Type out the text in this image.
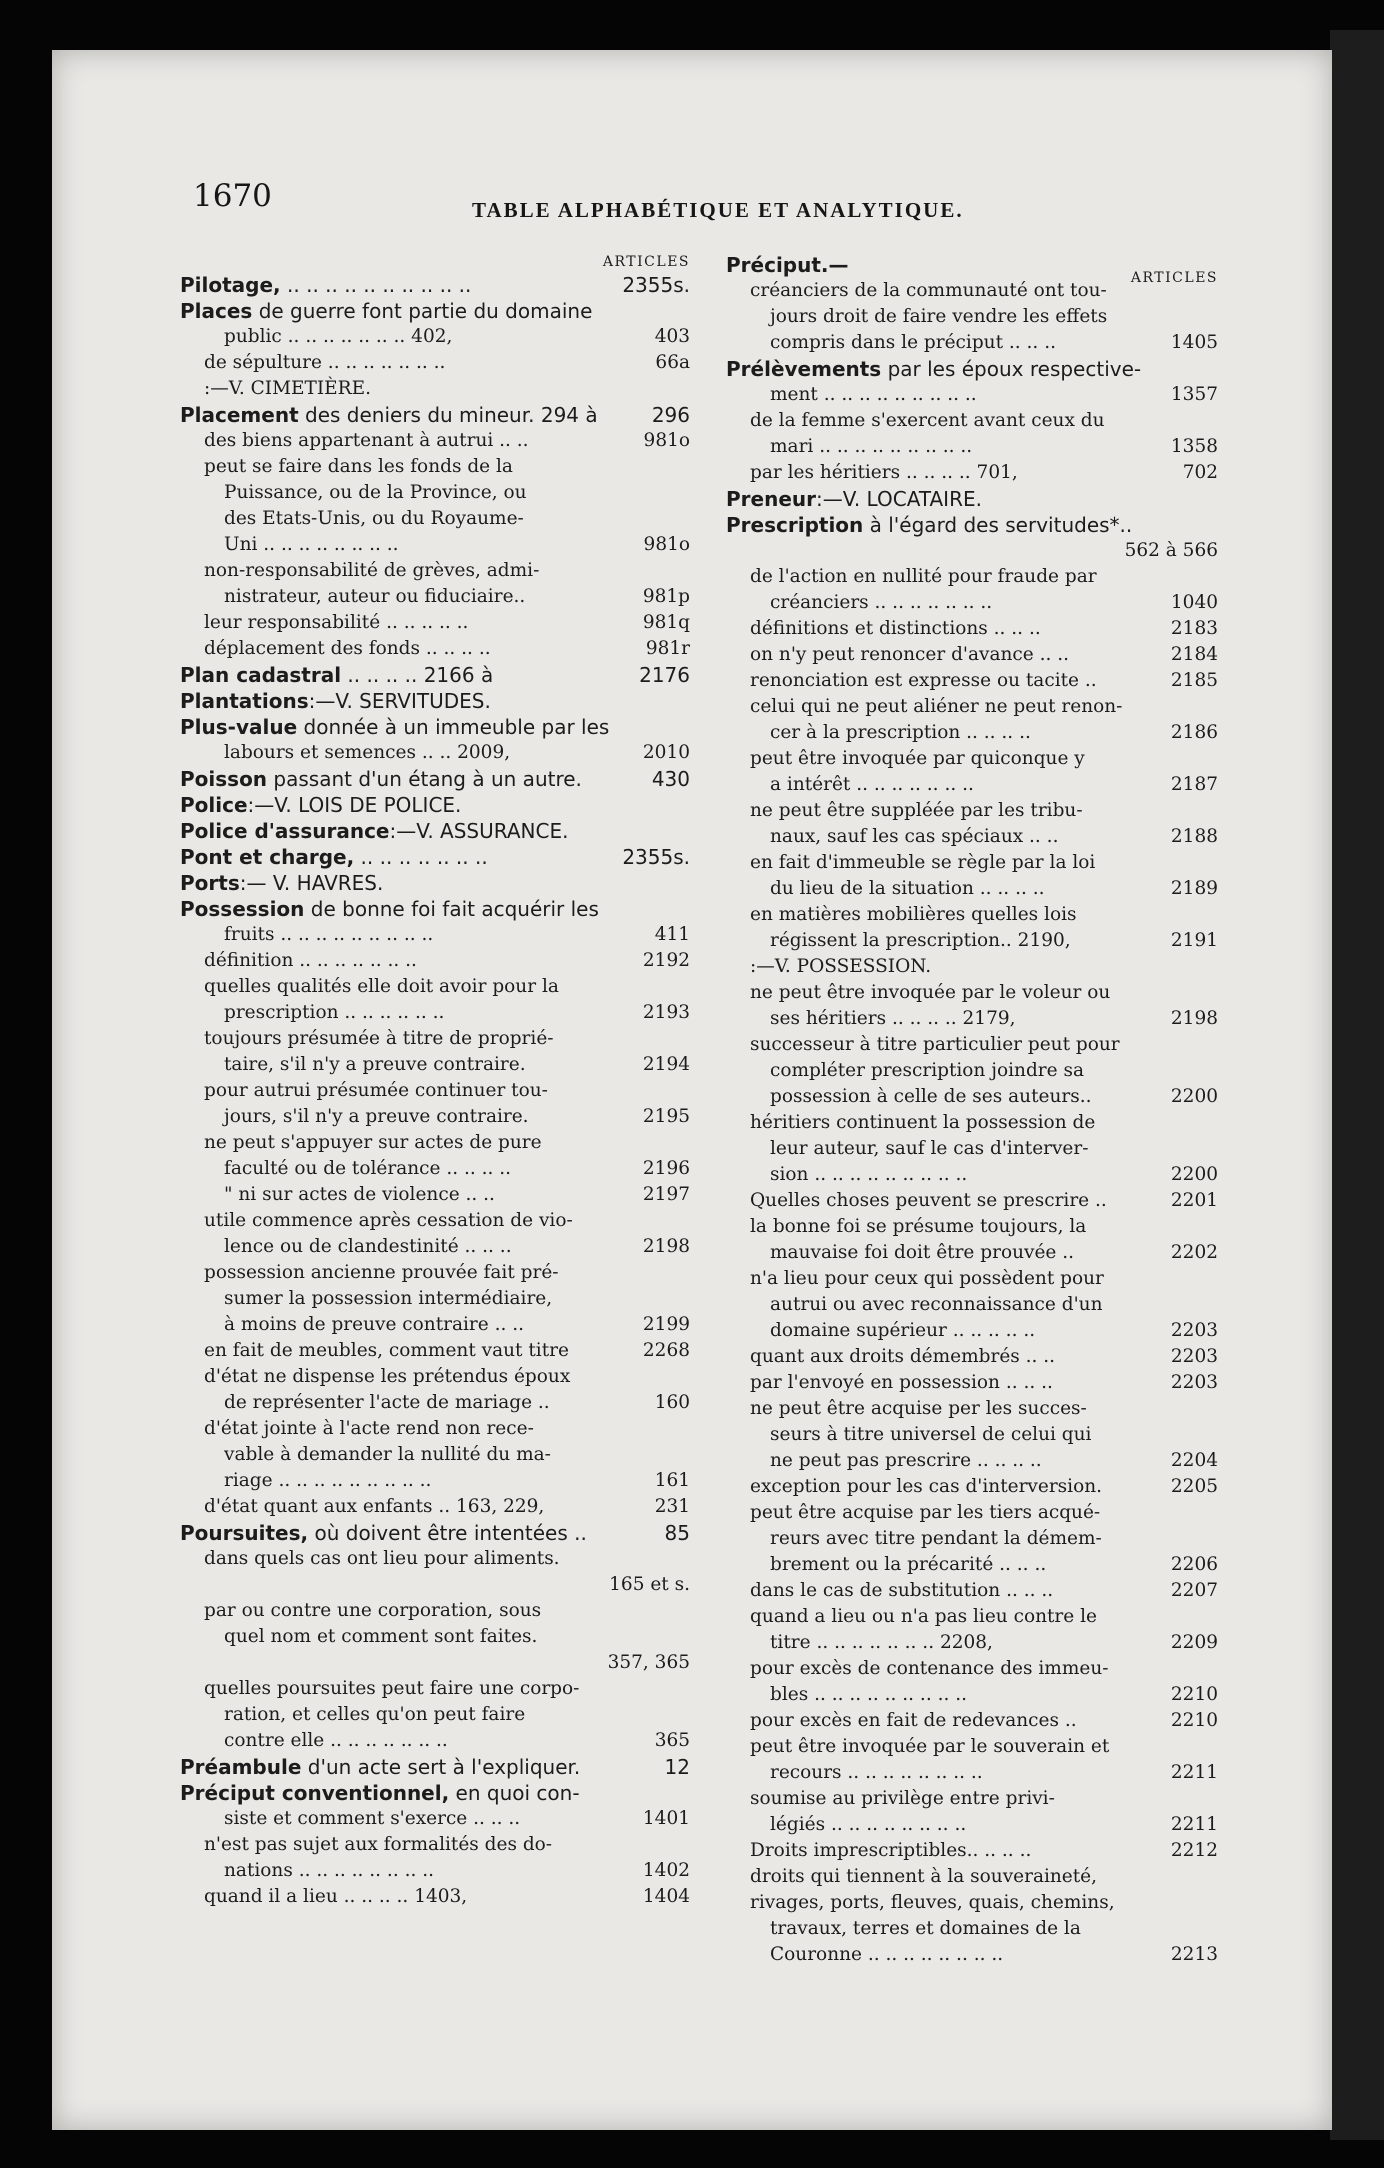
1670	TABLE ALPHABÉTIQUE ET ANALYTIQUE.
ARTICLES
Pilotage, .. .. .. .. .. .. .. .. .. ..	2355s.
Places de guerre font partie du domaine
public .. .. .. .. .. .. .. 402,	403
de sépulture .. .. .. .. .. .. ..	66a
:—V. CIMETIÈRE.
Placement des deniers du mineur. 294 à	296
des biens appartenant à autrui .. ..	981o
peut se faire dans les fonds de la
Puissance, ou de la Province, ou
des Etats-Unis, ou du Royaume-
Uni .. .. .. .. .. .. .. ..	981o
non-responsabilité de grèves, admi-
nistrateur, auteur ou fiduciaire..	981p
leur responsabilité .. .. .. .. ..	981q
déplacement des fonds .. .. .. ..	981r
Plan cadastral .. .. .. .. 2166 à	2176
Plantations:—V. SERVITUDES.
Plus-value donnée à un immeuble par les
labours et semences .. .. 2009,	2010
Poisson passant d'un étang à un autre.	430
Police:—V. LOIS DE POLICE.
Police d'assurance:—V. ASSURANCE.
Pont et charge, .. .. .. .. .. .. ..	2355s.
Ports:— V. HAVRES.
Possession de bonne foi fait acquérir les
fruits .. .. .. .. .. .. .. .. ..	411
définition .. .. .. .. .. .. ..	2192
quelles qualités elle doit avoir pour la
prescription .. .. .. .. .. ..	2193
toujours présumée à titre de proprié-
taire, s'il n'y a preuve contraire.	2194
pour autrui présumée continuer tou-
jours, s'il n'y a preuve contraire.	2195
ne peut s'appuyer sur actes de pure
faculté ou de tolérance .. .. .. ..	2196
" ni sur actes de violence .. ..	2197
utile commence après cessation de vio-
lence ou de clandestinité .. .. ..	2198
possession ancienne prouvée fait pré-
sumer la possession intermédiaire,
à moins de preuve contraire .. ..	2199
en fait de meubles, comment vaut titre	2268
d'état ne dispense les prétendus époux
de représenter l'acte de mariage ..	160
d'état jointe à l'acte rend non rece-
vable à demander la nullité du ma-
riage .. .. .. .. .. .. .. .. ..	161
d'état quant aux enfants .. 163, 229,	231
Poursuites, où doivent être intentées ..	85
dans quels cas ont lieu pour aliments.
165 et s.
par ou contre une corporation, sous
quel nom et comment sont faites.
357, 365
quelles poursuites peut faire une corpo-
ration, et celles qu'on peut faire
contre elle .. .. .. .. .. .. ..	365
Préambule d'un acte sert à l'expliquer.	12
Préciput conventionnel, en quoi con-
siste et comment s'exerce .. .. ..	1401
n'est pas sujet aux formalités des do-
nations .. .. .. .. .. .. .. ..	1402
quand il a lieu .. .. .. .. 1403,	1404
ARTICLES
Préciput.—
créanciers de la communauté ont tou-
jours droit de faire vendre les effets
compris dans le préciput .. .. ..	1405
Prélèvements par les époux respective-
ment .. .. .. .. .. .. .. .. ..	1357
de la femme s'exercent avant ceux du
mari .. .. .. .. .. .. .. .. ..	1358
par les héritiers .. .. .. .. 701,	702
Preneur:—V. LOCATAIRE.
Prescription à l'égard des servitudes*..
562 à 566
de l'action en nullité pour fraude par
créanciers .. .. .. .. .. .. ..	1040
définitions et distinctions .. .. ..	2183
on n'y peut renoncer d'avance .. ..	2184
renonciation est expresse ou tacite ..	2185
celui qui ne peut aliéner ne peut renon-
cer à la prescription .. .. .. ..	2186
peut être invoquée par quiconque y
a intérêt .. .. .. .. .. .. ..	2187
ne peut être suppléée par les tribu-
naux, sauf les cas spéciaux .. ..	2188
en fait d'immeuble se règle par la loi
du lieu de la situation .. .. .. ..	2189
en matières mobilières quelles lois
régissent la prescription.. 2190,	2191
:—V. POSSESSION.
ne peut être invoquée par le voleur ou
ses héritiers .. .. .. .. 2179,	2198
successeur à titre particulier peut pour
compléter prescription joindre sa
possession à celle de ses auteurs..	2200
héritiers continuent la possession de
leur auteur, sauf le cas d'interver-
sion .. .. .. .. .. .. .. .. ..	2200
Quelles choses peuvent se prescrire ..	2201
la bonne foi se présume toujours, la
mauvaise foi doit être prouvée ..	2202
n'a lieu pour ceux qui possèdent pour
autrui ou avec reconnaissance d'un
domaine supérieur .. .. .. .. ..	2203
quant aux droits démembrés .. ..	2203
par l'envoyé en possession .. .. ..	2203
ne peut être acquise per les succes-
seurs à titre universel de celui qui
ne peut pas prescrire .. .. .. ..	2204
exception pour les cas d'interversion.	2205
peut être acquise par les tiers acqué-
reurs avec titre pendant la démem-
brement ou la précarité .. .. ..	2206
dans le cas de substitution .. .. ..	2207
quand a lieu ou n'a pas lieu contre le
titre .. .. .. .. .. .. .. 2208,	2209
pour excès de contenance des immeu-
bles .. .. .. .. .. .. .. .. ..	2210
pour excès en fait de redevances ..	2210
peut être invoquée par le souverain et
recours .. .. .. .. .. .. .. ..	2211
soumise au privilège entre privi-
légiés .. .. .. .. .. .. .. ..	2211
Droits imprescriptibles.. .. .. ..	2212
droits qui tiennent à la souveraineté,
rivages, ports, fleuves, quais, chemins,
travaux, terres et domaines de la
Couronne .. .. .. .. .. .. .. ..	2213
